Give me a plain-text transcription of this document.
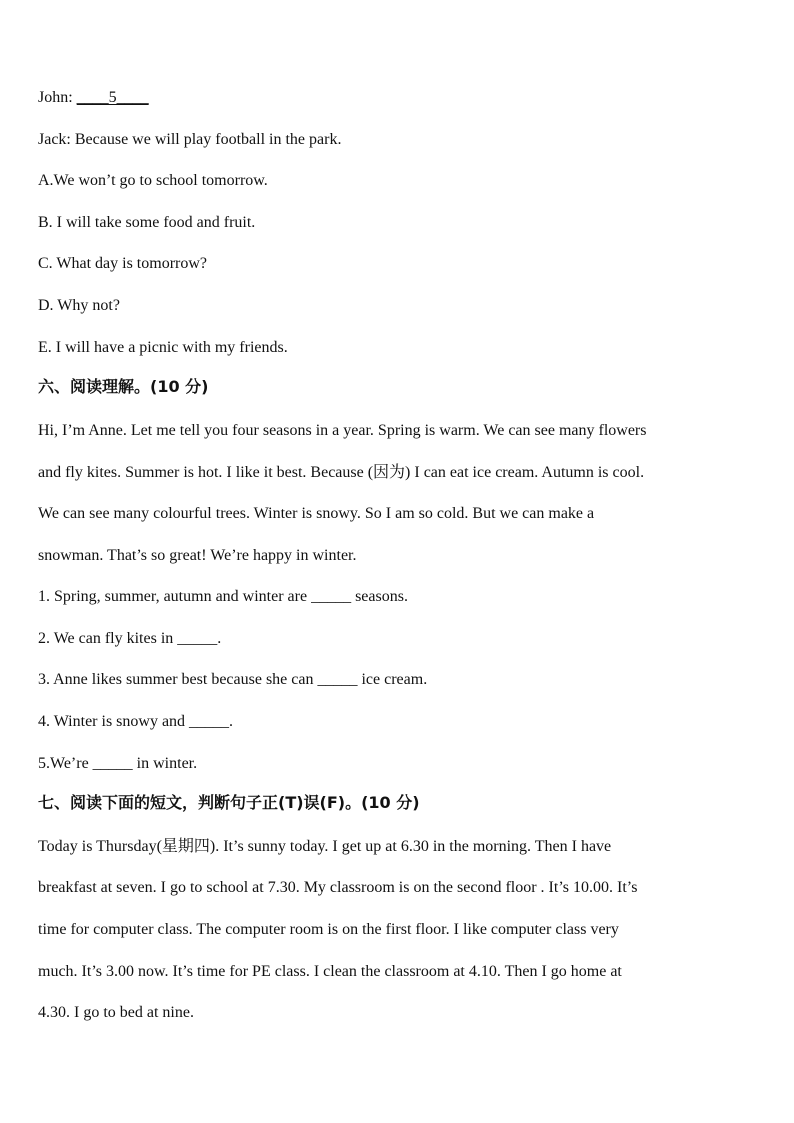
John: ____5____
Jack: Because we will play football in the park.
A.We won’t go to school tomorrow.
B. I will take some food and fruit.
C. What day is tomorrow?
D. Why not?
E. I will have a picnic with my friends.
六、阅读理解。(10 分)
Hi, I’m Anne. Let me tell you four seasons in a year. Spring is warm. We can see many flowers
and fly kites. Summer is hot. I like it best. Because (因为) I can eat ice cream. Autumn is cool.
We can see many colourful trees. Winter is snowy. So I am so cold. But we can make a
snowman. That’s so great! We’re happy in winter.
1. Spring, summer, autumn and winter are _____ seasons.
2. We can fly kites in _____.
3. Anne likes summer best because she can _____ ice cream.
4. Winter is snowy and _____.
5.We’re _____ in winter.
七、阅读下面的短文，判断句子正(T)误(F)。(10 分)
Today is Thursday(星期四). It’s sunny today. I get up at 6.30 in the morning. Then I have
breakfast at seven. I go to school at 7.30. My classroom is on the second floor . It’s 10.00. It’s
time for computer class. The computer room is on the first floor. I like computer class very
much. It’s 3.00 now. It’s time for PE class. I clean the classroom at 4.10. Then I go home at
4.30. I go to bed at nine.
